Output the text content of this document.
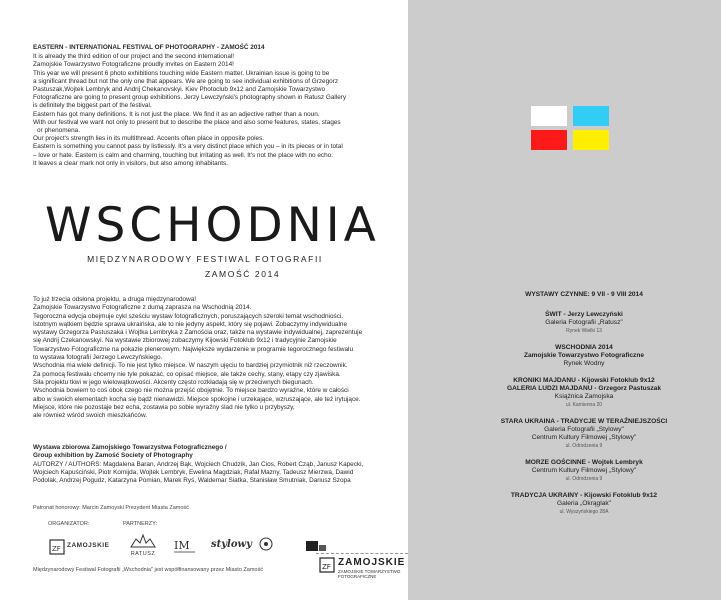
EASTERN - INTERNATIONAL FESTIVAL OF PHOTOGRAPHY - ZAMOŚĆ 2014

It is already the third edition of our project and the second international!

Zamojskie Towarzystwo Fotograficzne proudly invites on Eastern 2014!

This year we will present 6 photo exhibitions touching wide Eastern matter. Ukrainian issue is going to be

a significant thread but not the only one that appears. We are going to see individual exhibitions of Grzegorz

Pastuszak,Wojtek Lembryk and Andrij Chekanovskyi. Kiev Photoclub 9x12 and Zamojskie Towarzystwo

Fotograficzne are going to present group exhibitions. Jerzy Lewczyński's photography shown in Ratusz Gallery

is definitely the biggest part of the festival.

Eastern has got many definitions. It is not just the place. We find it as an adjective rather than a noun.

With our festival we want not only to present but to describe the place and also some features, states, stages

or phenomena.

Our project's strength lies in its multithread. Accents often place in opposite poles.

Eastern is something you cannot pass by listlessly. It's a very distinct place which you – in its pieces or in total

– love or hate. Eastern is calm and charming, touching but irritating as well. It's not the place with no echo.

It leaves a clear mark not only in visitors, but also among inhabitants.

WSCHODNIA
MIĘDZYNARODOWY FESTIWAL FOTOGRAFII
ZAMOŚĆ 2014

To już trzecia odsłona projektu, a druga międzynarodowa!

Zamojskie Towarzystwo Fotograficzne z dumą zaprasza na Wschodnią 2014.

Tegoroczna edycja obejmuje cykl sześciu wystaw fotograficznych, poruszających szeroki temat wschodniości.

Istotnym wątkiem będzie sprawa ukraińska, ale to nie jedyny aspekt, który się pojawi. Zobaczymy indywidualne

wystawy Grzegorza Pastuszaka i Wojtka Lembryka z Zamościa oraz, także na wystawie indywidualnej, zaprezentuje

się Andrij Czekanowskyi. Na wystawie zbiorowej zobaczymy Kijowski Fotoklub 9x12 i tradycyjnie Zamojskie

Towarzystwo Fotograficzne na pokazie plenerowym. Największe wydarzenie w programie tegorocznego festiwalu

to wystawa fotografii Jerzego Lewczyńskiego.

Wschodnia ma wiele definicji. To nie jest tylko miejsce. W naszym ujęciu to bardziej przymiotnik niż rzeczownik.

Za pomocą festiwalu chcemy nie tyle pokazać, co opisać miejsce, ale także cechy, stany, etapy czy zjawiska.

Siła projektu tkwi w jego wielowątkowości. Akcenty często rozkładają się w przeciwnych biegunach.

Wschodnia bowiem to coś obok czego nie można przejść obojętnie. To miejsce bardzo wyraźne, które w całości

albo w swoich elementach kocha się bądź nienawidzi. Miejsce spokojne i urzekające, wzruszające, ale też irytujące.

Miejsce, które nie pozostaje bez echa, zostawia po sobie wyraźny ślad nie tylko u przybyszy,

ale również wśród swoich mieszkańców.

Wystawa zbiorowa Zamojskiego Towarzystwa Fotograficznego /

Group exhibition by Zamość Society of Photography

AUTORZY / AUTHORS: Magdalena Baran, Andrzej Bąk, Wojciech Chudzik, Jan Cios, Robert Cząb, Janusz Kapecki,

Wojciech Kapuściński, Piotr Komijda, Wojtek Lembryk, Ewelina Magdziak, Rafał Mazny, Tadeusz Mierzwa, Dawid

Podolak, Andrzej Pogudz, Katarzyna Pomian, Marek Ryś, Waldemar Siatka, Stanisław Smutniak, Dariusz Szopa

Patronat honorowy: Marcin Zamoyski Prezydent Miasta Zamość
ORGANIZATOR:	PARTNERZY:
ZF ZAMOJSKIE
RATUSZ
IM stylowy
Międzynarodowy Festiwal Fotografii „Wschodnia" jest współfinansowany przez Miasto Zamość	ZF ZAMOJSKIE
ZAMOJSKIE TOWARZYSTWO FOTOGRAFICZNE
WYSTAWY CZYNNE: 9 VII - 9 VIII 2014
ŚWIT - Jerzy Lewczyński
Galeria Fotografii „Ratusz"
Rynek Wielki 13
WSCHODNIA 2014
Zamojskie Towarzystwo Fotograficzne
Rynek Wodny
KRONIKI MAJDANU - Kijowski Fotoklub 9x12
GALERIA LUDZI MAJDANU - Grzegorz Pastuszak
Książnica Zamojska
ul. Kamienna 20
STARA UKRAINA - TRADYCJE W TERAŹNIEJSZOŚCI
Galeria Fotografii „Stylowy"
Centrum Kultury Filmowej „Stylowy"
ul. Odrodzenia 9
MORZE GOŚCINNE - Wojtek Lembryk
Centrum Kultury Filmowej „Stylowy"
ul. Odrodzenia 9
TRADYCJA UKRAINY - Kijowski Fotoklub 9x12
Galeria „Okrąglak"
ul. Wyszyńskiego 28A
